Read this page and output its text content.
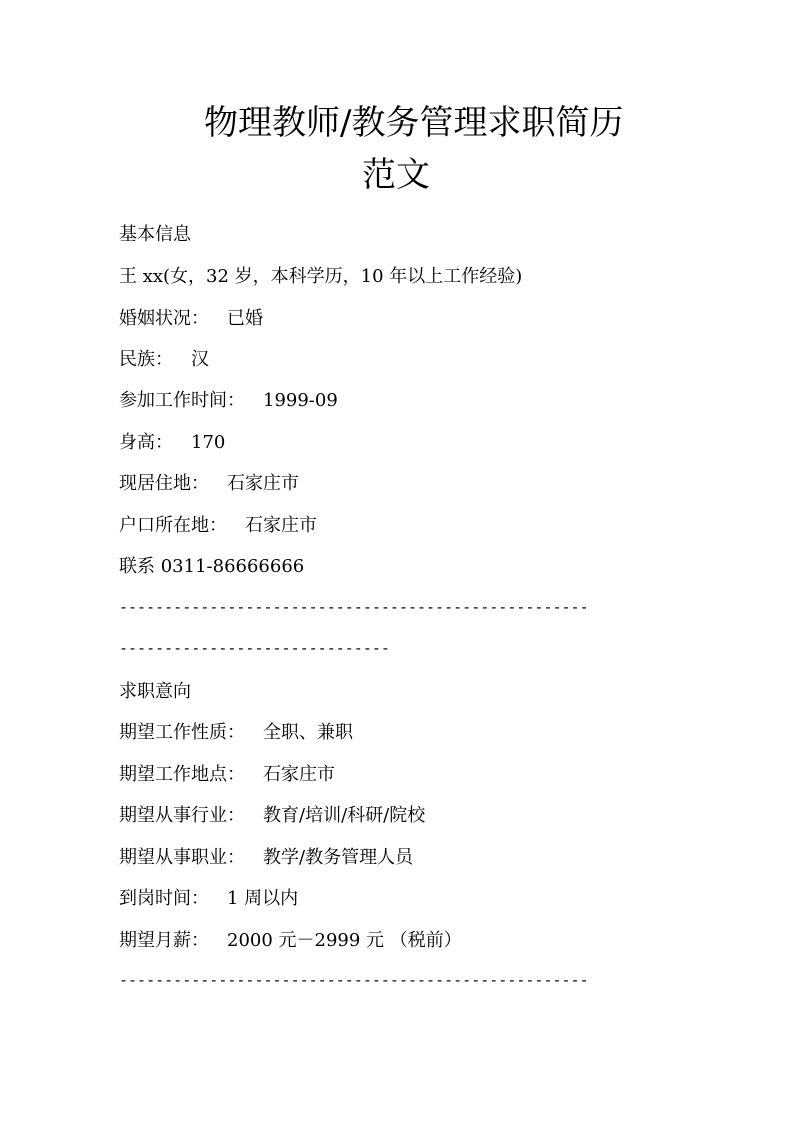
物理教师/教务管理求职简历
范文
基本信息
王 xx(女，32 岁，本科学历，10 年以上工作经验)
婚姻状况： 已婚
民族： 汉
参加工作时间： 1999-09
身高： 170
现居住地： 石家庄市
户口所在地： 石家庄市
联系 0311-86666666
----------------------------------------------------
------------------------------
求职意向
期望工作性质： 全职、兼职
期望工作地点： 石家庄市
期望从事行业： 教育/培训/科研/院校
期望从事职业： 教学/教务管理人员
到岗时间： 1 周以内
期望月薪： 2000 元－2999 元 （税前）
----------------------------------------------------
